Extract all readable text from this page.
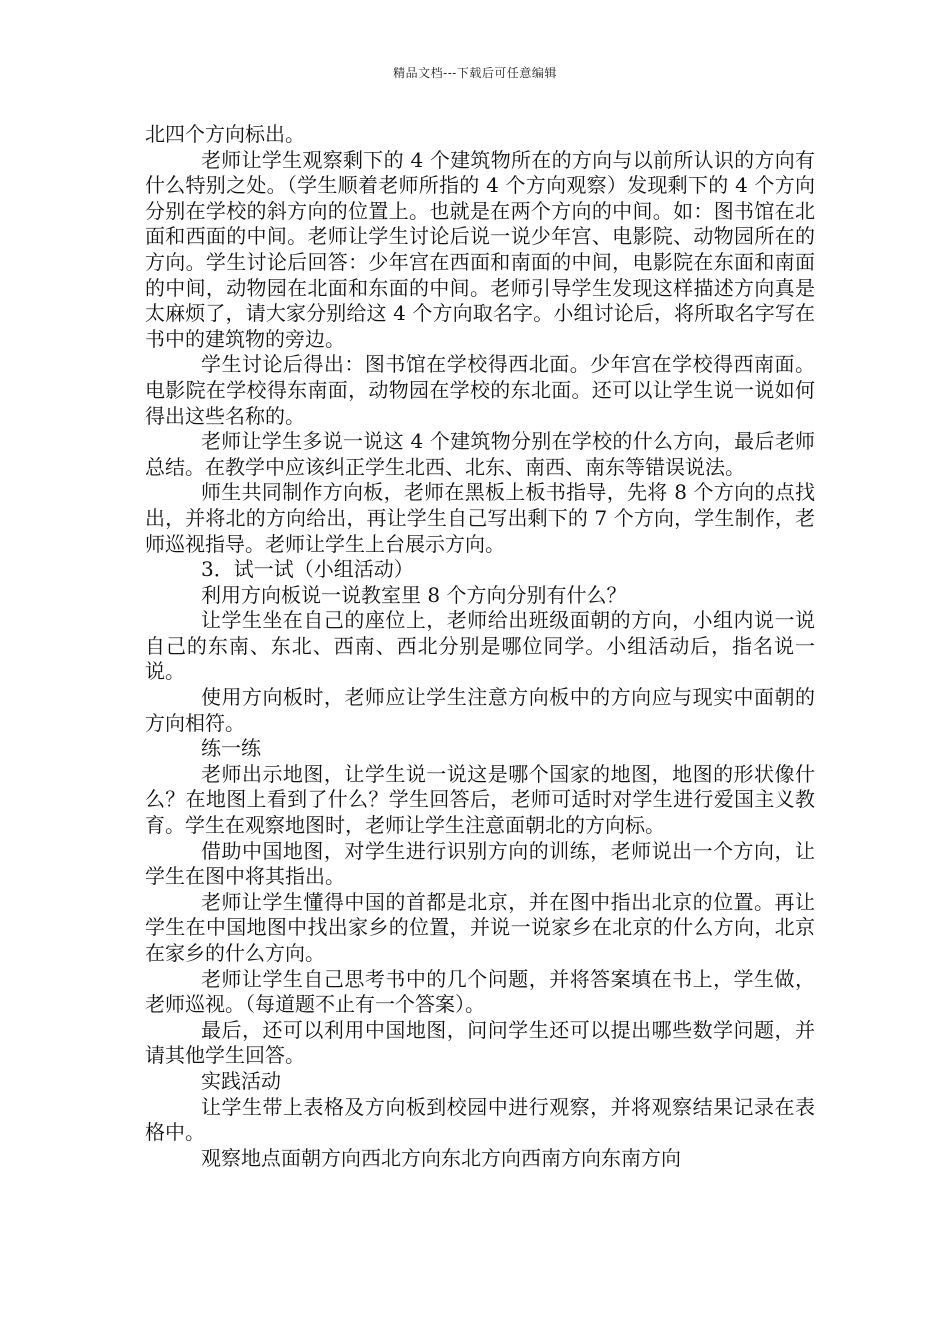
精品文档---下载后可任意编辑

北四个方向标出。

老师让学生观察剩下的 4 个建筑物所在的方向与以前所认识的方向有什么特别之处。（学生顺着老师所指的 4 个方向观察）发现剩下的 4 个方向分别在学校的斜方向的位置上。也就是在两个方向的中间。如：图书馆在北面和西面的中间。老师让学生讨论后说一说少年宫、电影院、动物园所在的方向。学生讨论后回答：少年宫在西面和南面的中间，电影院在东面和南面的中间，动物园在北面和东面的中间。老师引导学生发现这样描述方向真是太麻烦了，请大家分别给这 4 个方向取名字。小组讨论后，将所取名字写在书中的建筑物的旁边。

学生讨论后得出：图书馆在学校得西北面。少年宫在学校得西南面。电影院在学校得东南面，动物园在学校的东北面。还可以让学生说一说如何得出这些名称的。

老师让学生多说一说这 4 个建筑物分别在学校的什么方向，最后老师总结。在教学中应该纠正学生北西、北东、南西、南东等错误说法。

师生共同制作方向板，老师在黑板上板书指导，先将 8 个方向的点找出，并将北的方向给出，再让学生自己写出剩下的 7 个方向，学生制作，老师巡视指导。老师让学生上台展示方向。

3．试一试（小组活动）

利用方向板说一说教室里 8 个方向分别有什么？

让学生坐在自己的座位上，老师给出班级面朝的方向，小组内说一说自己的东南、东北、西南、西北分别是哪位同学。小组活动后，指名说一说。

使用方向板时，老师应让学生注意方向板中的方向应与现实中面朝的方向相符。

练一练

老师出示地图，让学生说一说这是哪个国家的地图，地图的形状像什么？在地图上看到了什么？学生回答后，老师可适时对学生进行爱国主义教育。学生在观察地图时，老师让学生注意面朝北的方向标。

借助中国地图，对学生进行识别方向的训练，老师说出一个方向，让学生在图中将其指出。

老师让学生懂得中国的首都是北京，并在图中指出北京的位置。再让学生在中国地图中找出家乡的位置，并说一说家乡在北京的什么方向，北京在家乡的什么方向。

老师让学生自己思考书中的几个问题，并将答案填在书上，学生做，老师巡视。（每道题不止有一个答案）。

最后，还可以利用中国地图，问问学生还可以提出哪些数学问题，并请其他学生回答。

实践活动

让学生带上表格及方向板到校园中进行观察，并将观察结果记录在表格中。

观察地点面朝方向西北方向东北方向西南方向东南方向
